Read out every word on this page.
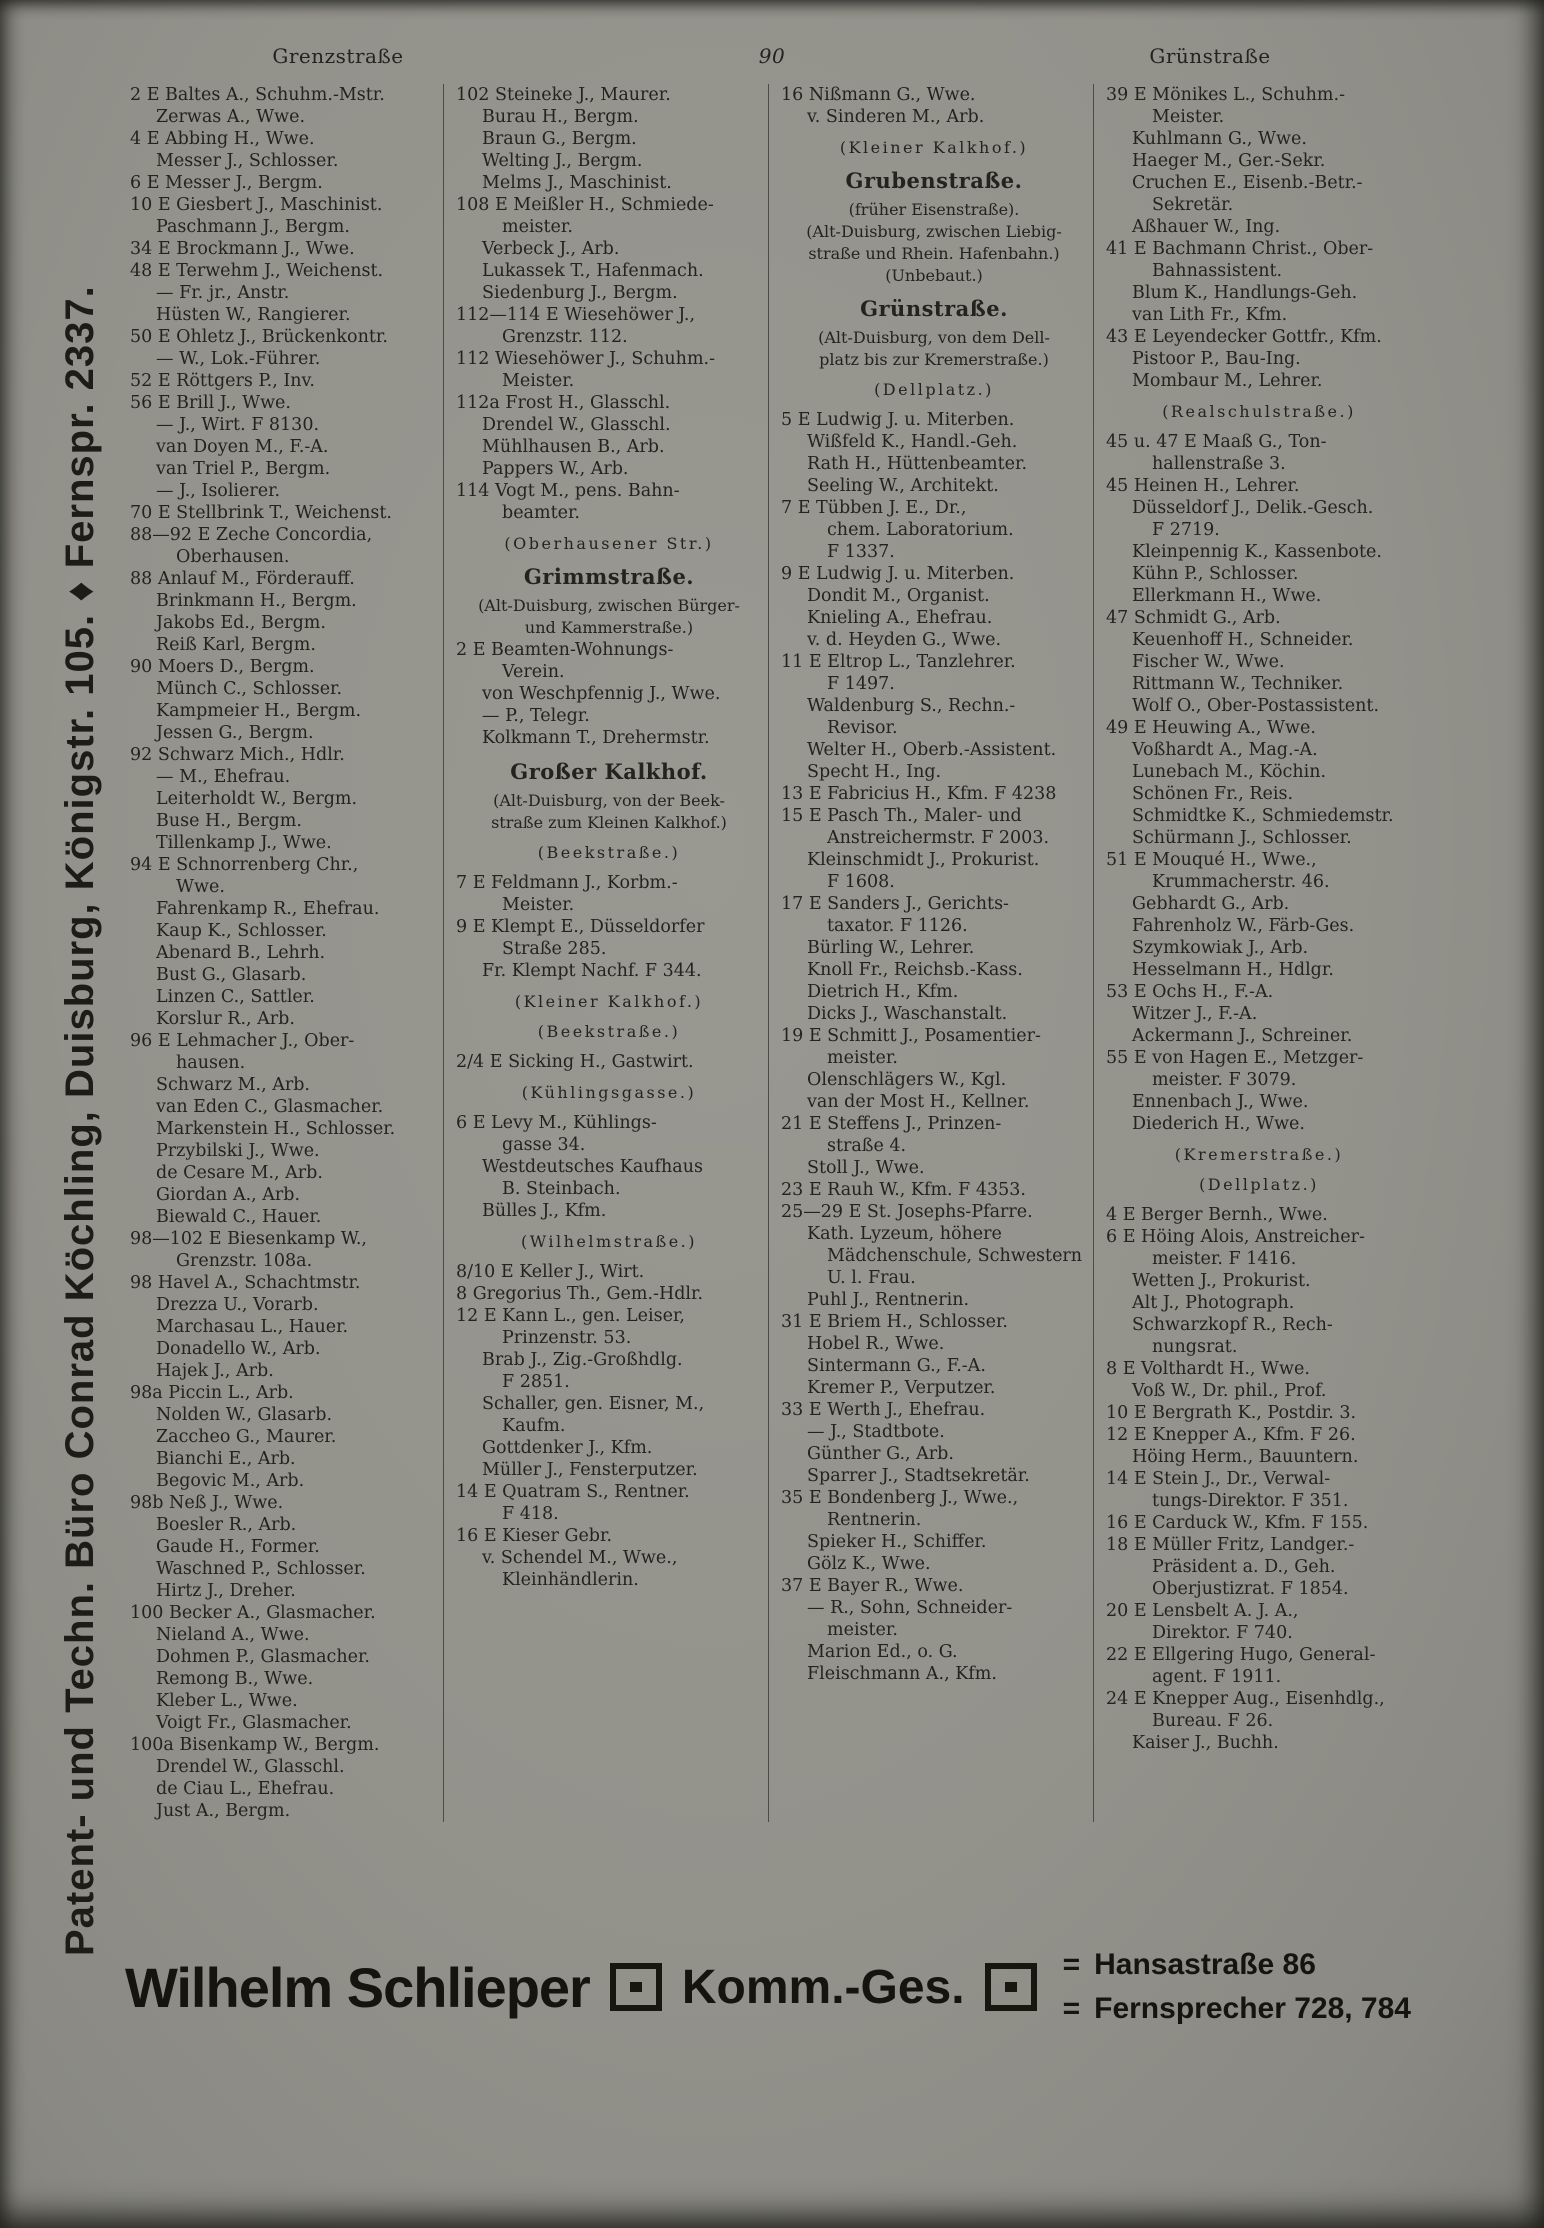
Grenzstraße	90	Grünstraße
Patent- und Techn. Büro Conrad Köchling, Duisburg, Königstr. 105. ♦ Fernspr. 2337.
2 E Baltes A., Schuhm.-Mstr.
Zerwas A., Wwe.
4 E Abbing H., Wwe.
Messer J., Schlosser.
6 E Messer J., Bergm.
10 E Giesbert J., Maschinist.
Paschmann J., Bergm.
34 E Brockmann J., Wwe.
48 E Terwehm J., Weichenst.
— Fr. jr., Anstr.
Hüsten W., Rangierer.
50 E Ohletz J., Brückenkontr.
— W., Lok.-Führer.
52 E Röttgers P., Inv.
56 E Brill J., Wwe.
— J., Wirt. F 8130.
van Doyen M., F.-A.
van Triel P., Bergm.
— J., Isolierer.
70 E Stellbrink T., Weichenst.
88—92 E Zeche Concordia,
Oberhausen.
88 Anlauf M., Förderauff.
Brinkmann H., Bergm.
Jakobs Ed., Bergm.
Reiß Karl, Bergm.
90 Moers D., Bergm.
Münch C., Schlosser.
Kampmeier H., Bergm.
Jessen G., Bergm.
92 Schwarz Mich., Hdlr.
— M., Ehefrau.
Leiterholdt W., Bergm.
Buse H., Bergm.
Tillenkamp J., Wwe.
94 E Schnorrenberg Chr.,
Wwe.
Fahrenkamp R., Ehefrau.
Kaup K., Schlosser.
Abenard B., Lehrh.
Bust G., Glasarb.
Linzen C., Sattler.
Korslur R., Arb.
96 E Lehmacher J., Ober-
hausen.
Schwarz M., Arb.
van Eden C., Glasmacher.
Markenstein H., Schlosser.
Przybilski J., Wwe.
de Cesare M., Arb.
Giordan A., Arb.
Biewald C., Hauer.
98—102 E Biesenkamp W.,
Grenzstr. 108a.
98 Havel A., Schachtmstr.
Drezza U., Vorarb.
Marchasau L., Hauer.
Donadello W., Arb.
Hajek J., Arb.
98a Piccin L., Arb.
Nolden W., Glasarb.
Zaccheo G., Maurer.
Bianchi E., Arb.
Begovic M., Arb.
98b Neß J., Wwe.
Boesler R., Arb.
Gaude H., Former.
Waschned P., Schlosser.
Hirtz J., Dreher.
100 Becker A., Glasmacher.
Nieland A., Wwe.
Dohmen P., Glasmacher.
Remong B., Wwe.
Kleber L., Wwe.
Voigt Fr., Glasmacher.
100a Bisenkamp W., Bergm.
Drendel W., Glasschl.
de Ciau L., Ehefrau.
Just A., Bergm.
102 Steineke J., Maurer.
Burau H., Bergm.
Braun G., Bergm.
Welting J., Bergm.
Melms J., Maschinist.
108 E Meißler H., Schmiede-
meister.
Verbeck J., Arb.
Lukassek T., Hafenmach.
Siedenburg J., Bergm.
112—114 E Wiesehöwer J.,
Grenzstr. 112.
112 Wiesehöwer J., Schuhm.-
Meister.
112a Frost H., Glasschl.
Drendel W., Glasschl.
Mühlhausen B., Arb.
Pappers W., Arb.
114 Vogt M., pens. Bahn-
beamter.
(Oberhausener Str.)
Grimmstraße.
(Alt-Duisburg, zwischen Bürger-
und Kammerstraße.)
2 E Beamten-Wohnungs-
Verein.
von Weschpfennig J., Wwe.
— P., Telegr.
Kolkmann T., Drehermstr.
Großer Kalkhof.
(Alt-Duisburg, von der Beek-
straße zum Kleinen Kalkhof.)
(Beekstraße.)
7 E Feldmann J., Korbm.-
Meister.
9 E Klempt E., Düsseldorfer
Straße 285.
Fr. Klempt Nachf. F 344.
(Kleiner Kalkhof.)
(Beekstraße.)
2/4 E Sicking H., Gastwirt.
(Kühlingsgasse.)
6 E Levy M., Kühlings-
gasse 34.
Westdeutsches Kaufhaus
B. Steinbach.
Bülles J., Kfm.
(Wilhelmstraße.)
8/10 E Keller J., Wirt.
8 Gregorius Th., Gem.-Hdlr.
12 E Kann L., gen. Leiser,
Prinzenstr. 53.
Brab J., Zig.-Großhdlg.
F 2851.
Schaller, gen. Eisner, M.,
Kaufm.
Gottdenker J., Kfm.
Müller J., Fensterputzer.
14 E Quatram S., Rentner.
F 418.
16 E Kieser Gebr.
v. Schendel M., Wwe.,
Kleinhändlerin.
16 Nißmann G., Wwe.
v. Sinderen M., Arb.
(Kleiner Kalkhof.)
Grubenstraße.
(früher Eisenstraße).
(Alt-Duisburg, zwischen Liebig-
straße und Rhein. Hafenbahn.)
(Unbebaut.)
Grünstraße.
(Alt-Duisburg, von dem Dell-
platz bis zur Kremerstraße.)
(Dellplatz.)
5 E Ludwig J. u. Miterben.
Wißfeld K., Handl.-Geh.
Rath H., Hüttenbeamter.
Seeling W., Architekt.
7 E Tübben J. E., Dr.,
chem. Laboratorium.
F 1337.
9 E Ludwig J. u. Miterben.
Dondit M., Organist.
Knieling A., Ehefrau.
v. d. Heyden G., Wwe.
11 E Eltrop L., Tanzlehrer.
F 1497.
Waldenburg S., Rechn.-
Revisor.
Welter H., Oberb.-Assistent.
Specht H., Ing.
13 E Fabricius H., Kfm. F 4238
15 E Pasch Th., Maler- und
Anstreichermstr. F 2003.
Kleinschmidt J., Prokurist.
F 1608.
17 E Sanders J., Gerichts-
taxator. F 1126.
Bürling W., Lehrer.
Knoll Fr., Reichsb.-Kass.
Dietrich H., Kfm.
Dicks J., Waschanstalt.
19 E Schmitt J., Posamentier-
meister.
Olenschlägers W., Kgl.
van der Most H., Kellner.
21 E Steffens J., Prinzen-
straße 4.
Stoll J., Wwe.
23 E Rauh W., Kfm. F 4353.
25—29 E St. Josephs-Pfarre.
Kath. Lyzeum, höhere
Mädchenschule, Schwestern
U. l. Frau.
Puhl J., Rentnerin.
31 E Briem H., Schlosser.
Hobel R., Wwe.
Sintermann G., F.-A.
Kremer P., Verputzer.
33 E Werth J., Ehefrau.
— J., Stadtbote.
Günther G., Arb.
Sparrer J., Stadtsekretär.
35 E Bondenberg J., Wwe.,
Rentnerin.
Spieker H., Schiffer.
Gölz K., Wwe.
37 E Bayer R., Wwe.
— R., Sohn, Schneider-
meister.
Marion Ed., o. G.
Fleischmann A., Kfm.
39 E Mönikes L., Schuhm.-
Meister.
Kuhlmann G., Wwe.
Haeger M., Ger.-Sekr.
Cruchen E., Eisenb.-Betr.-
Sekretär.
Aßhauer W., Ing.
41 E Bachmann Christ., Ober-
Bahnassistent.
Blum K., Handlungs-Geh.
van Lith Fr., Kfm.
43 E Leyendecker Gottfr., Kfm.
Pistoor P., Bau-Ing.
Mombaur M., Lehrer.
(Realschulstraße.)
45 u. 47 E Maaß G., Ton-
hallenstraße 3.
45 Heinen H., Lehrer.
Düsseldorf J., Delik.-Gesch.
F 2719.
Kleinpennig K., Kassenbote.
Kühn P., Schlosser.
Ellerkmann H., Wwe.
47 Schmidt G., Arb.
Keuenhoff H., Schneider.
Fischer W., Wwe.
Rittmann W., Techniker.
Wolf O., Ober-Postassistent.
49 E Heuwing A., Wwe.
Voßhardt A., Mag.-A.
Lunebach M., Köchin.
Schönen Fr., Reis.
Schmidtke K., Schmiedemstr.
Schürmann J., Schlosser.
51 E Mouqué H., Wwe.,
Krummacherstr. 46.
Gebhardt G., Arb.
Fahrenholz W., Färb-Ges.
Szymkowiak J., Arb.
Hesselmann H., Hdlgr.
53 E Ochs H., F.-A.
Witzer J., F.-A.
Ackermann J., Schreiner.
55 E von Hagen E., Metzger-
meister. F 3079.
Ennenbach J., Wwe.
Diederich H., Wwe.
(Kremerstraße.)
(Dellplatz.)
4 E Berger Bernh., Wwe.
6 E Höing Alois, Anstreicher-
meister. F 1416.
Wetten J., Prokurist.
Alt J., Photograph.
Schwarzkopf R., Rech-
nungsrat.
8 E Volthardt H., Wwe.
Voß W., Dr. phil., Prof.
10 E Bergrath K., Postdir. 3.
12 E Knepper A., Kfm. F 26.
Höing Herm., Bauuntern.
14 E Stein J., Dr., Verwal-
tungs-Direktor. F 351.
16 E Carduck W., Kfm. F 155.
18 E Müller Fritz, Landger.-
Präsident a. D., Geh.
Oberjustizrat. F 1854.
20 E Lensbelt A. J. A.,
Direktor. F 740.
22 E Ellgering Hugo, General-
agent. F 1911.
24 E Knepper Aug., Eisenhdlg.,
Bureau. F 26.
Kaiser J., Buchh.
Wilhelm Schlieper Komm.-Ges.	= Hansastraße 86
= Fernsprecher 728, 784
